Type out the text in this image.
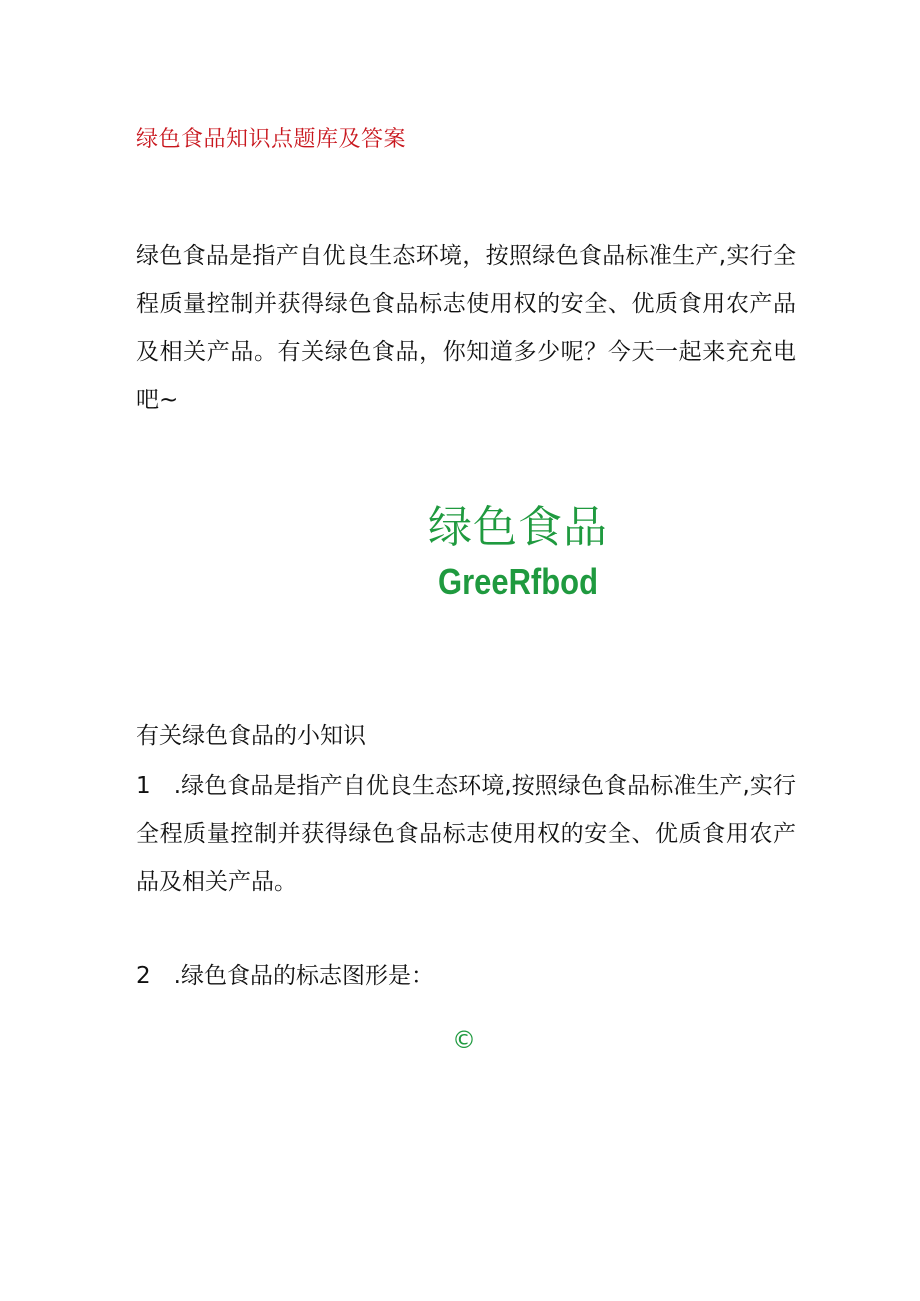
绿色食品知识点题库及答案

绿色食品是指产自优良生态环境，按照绿色食品标准生产,实行全程质量控制并获得绿色食品标志使用权的安全、优质食用农产品及相关产品。有关绿色食品，你知道多少呢？今天一起来充充电吧~

绿色食品
GreeRfbod
有关绿色食品的小知识

1　.绿色食品是指产自优良生态环境,按照绿色食品标准生产,实行全程质量控制并获得绿色食品标志使用权的安全、优质食用农产品及相关产品。

2　.绿色食品的标志图形是：

©
